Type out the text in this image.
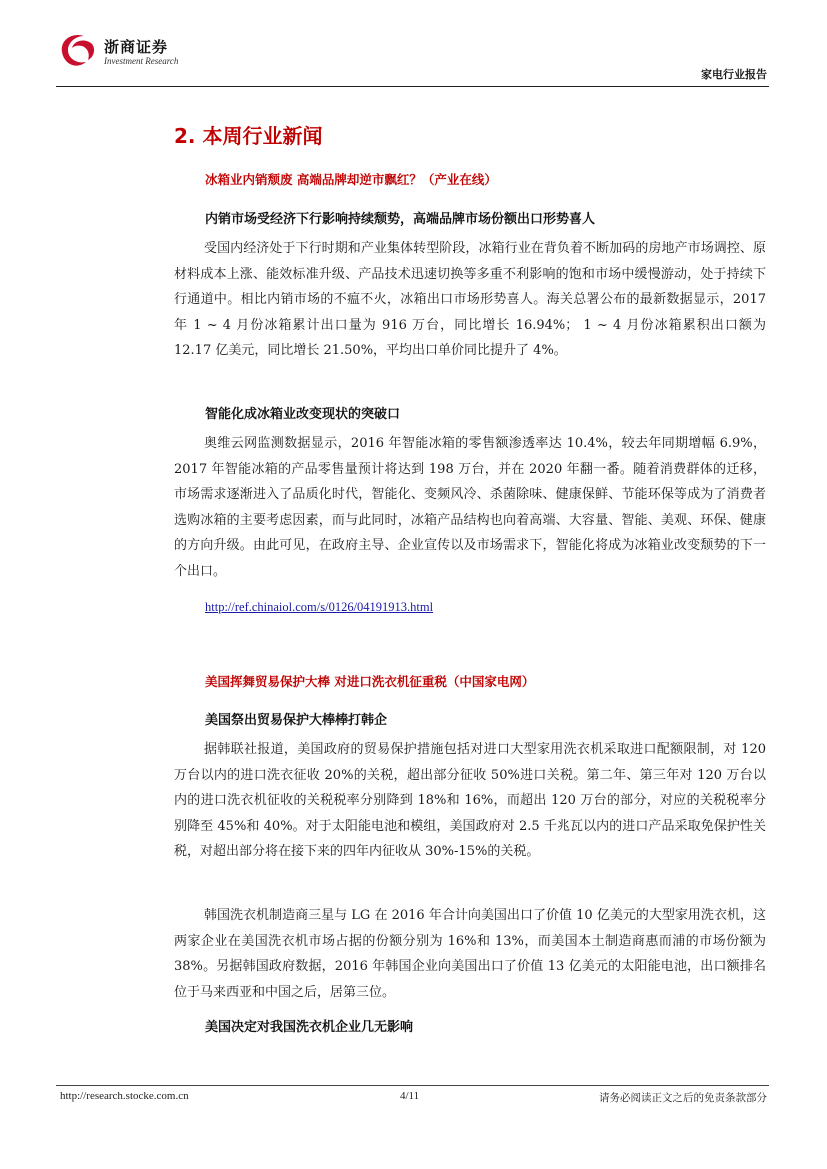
浙商证券
Investment Research
家电行业报告
2. 本周行业新闻
冰箱业内销颓废 高端品牌却逆市飘红？（产业在线）
内销市场受经济下行影响持续颓势，高端品牌市场份额出口形势喜人
受国内经济处于下行时期和产业集体转型阶段，冰箱行业在背负着不断加码的房地产市场调控、原材料成本上涨、能效标准升级、产品技术迅速切换等多重不利影响的饱和市场中缓慢游动，处于持续下行通道中。相比内销市场的不瘟不火，冰箱出口市场形势喜人。海关总署公布的最新数据显示，2017 年 1 ~ 4 月份冰箱累计出口量为 916 万台，同比增长 16.94%； 1 ~ 4 月份冰箱累积出口额为 12.17 亿美元，同比增长 21.50%，平均出口单价同比提升了 4%。
智能化成冰箱业改变现状的突破口
奥维云网监测数据显示，2016 年智能冰箱的零售额渗透率达 10.4%，较去年同期增幅 6.9%，2017 年智能冰箱的产品零售量预计将达到 198 万台，并在 2020 年翻一番。随着消费群体的迁移，市场需求逐渐进入了品质化时代，智能化、变频风冷、杀菌除味、健康保鲜、节能环保等成为了消费者选购冰箱的主要考虑因素，而与此同时，冰箱产品结构也向着高端、大容量、智能、美观、环保、健康的方向升级。由此可见，在政府主导、企业宣传以及市场需求下，智能化将成为冰箱业改变颓势的下一个出口。
http://ref.chinaiol.com/s/0126/04191913.html
美国挥舞贸易保护大棒 对进口洗衣机征重税（中国家电网）
美国祭出贸易保护大棒棒打韩企
据韩联社报道，美国政府的贸易保护措施包括对进口大型家用洗衣机采取进口配额限制，对 120 万台以内的进口洗衣征收 20%的关税，超出部分征收 50%进口关税。第二年、第三年对 120 万台以内的进口洗衣机征收的关税税率分别降到 18%和 16%，而超出 120 万台的部分，对应的关税税率分别降至 45%和 40%。对于太阳能电池和模组，美国政府对 2.5 千兆瓦以内的进口产品采取免保护性关税，对超出部分将在接下来的四年内征收从 30%-15%的关税。
韩国洗衣机制造商三星与 LG 在 2016 年合计向美国出口了价值 10 亿美元的大型家用洗衣机，这两家企业在美国洗衣机市场占据的份额分别为 16%和 13%，而美国本土制造商惠而浦的市场份额为 38%。另据韩国政府数据，2016 年韩国企业向美国出口了价值 13 亿美元的太阳能电池，出口额排名位于马来西亚和中国之后，居第三位。
美国决定对我国洗衣机企业几无影响
http://research.stocke.com.cn	4/11	请务必阅读正文之后的免责条款部分
